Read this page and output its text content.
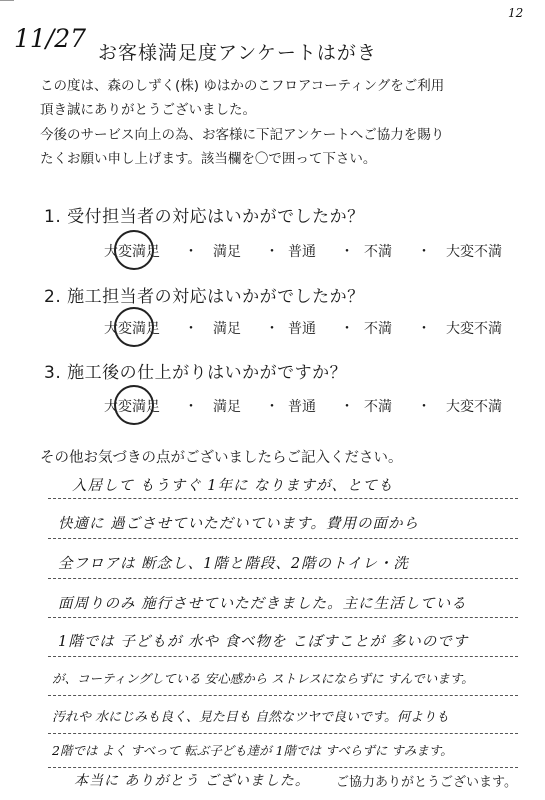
11/27
12
お客様満足度アンケートはがき
この度は、森のしずく(株) ゆはかのこフロアコーティングをご利用
頂き誠にありがとうございました。
今後のサービス向上の為、お客様に下記アンケートへご協力を賜り
たくお願い申し上げます。該当欄を〇で囲って下さい。
1. 受付担当者の対応はいかがでしたか？
大変満足 ・ 満足 ・ 普通 ・ 不満 ・ 大変不満
2. 施工担当者の対応はいかがでしたか？
大変満足 ・ 満足 ・ 普通 ・ 不満 ・ 大変不満
3. 施工後の仕上がりはいかがですか？
大変満足 ・ 満足 ・ 普通 ・ 不満 ・ 大変不満
その他お気づきの点がございましたらご記入ください。
入居して もうすぐ 1年に なりますが、とても
快適に 過ごさせていただいています。費用の面から
全フロアは 断念し、1階と階段、2階のトイレ・洗
面周りのみ 施行させていただきました。主に生活している
1階では 子どもが 水や 食べ物を こぼすことが 多いのです
が、コーティングしている 安心感から ストレスにならずに すんでいます。
汚れや 水にじみも良く、見た目も 自然なツヤで良いです。何よりも
2階では よく すべって 転ぶ子ども達が 1階では すべらずに すみます。
本当に ありがとう ございました。 ご協力ありがとうございます。
